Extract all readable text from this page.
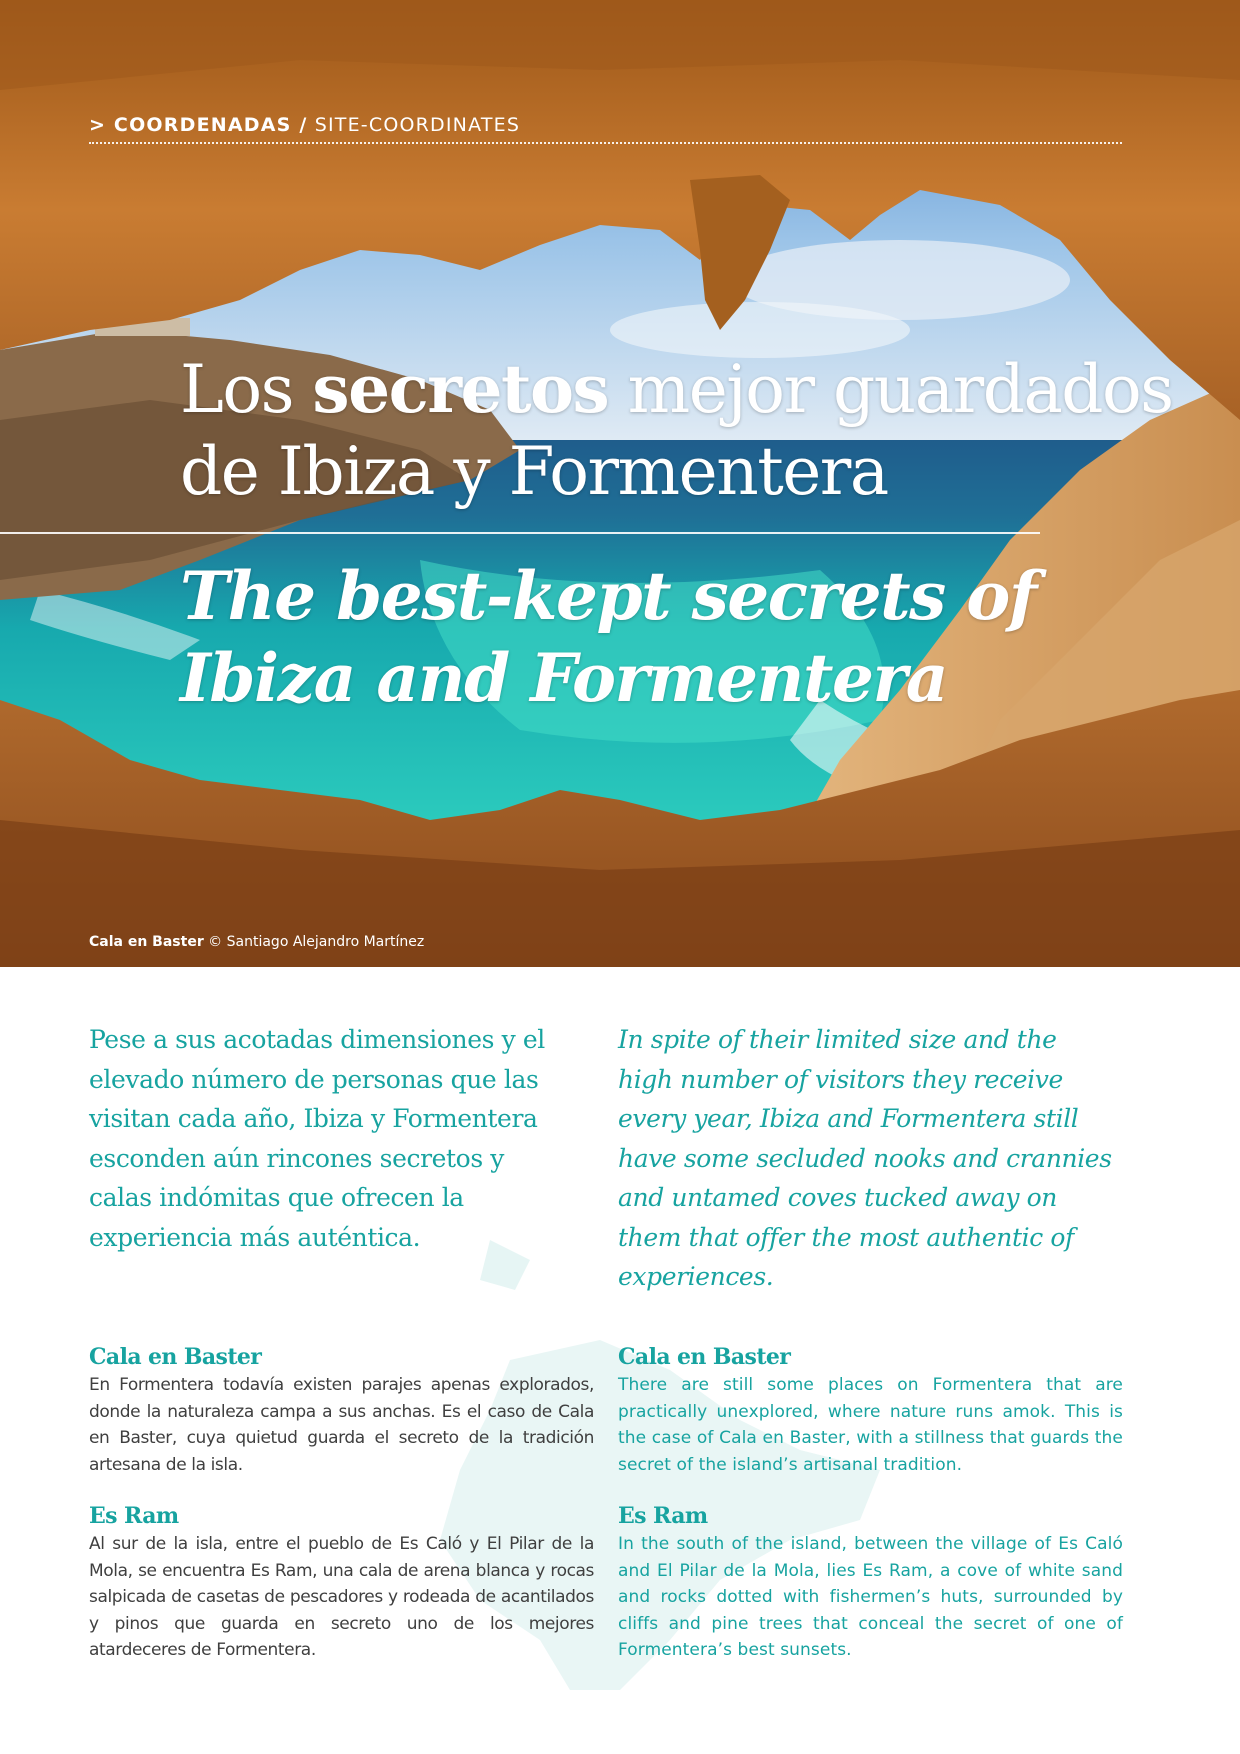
> COORDENADAS / SITE-COORDINATES
Los secretos mejor guardados de Ibiza y Formentera
The best-kept secrets of Ibiza and Formentera
Cala en Baster © Santiago Alejandro Martínez

Pese a sus acotadas dimensiones y el elevado número de personas que las visitan cada año, Ibiza y Formentera esconden aún rincones secretos y calas indómitas que ofrecen la experiencia más auténtica.

In spite of their limited size and the high number of visitors they receive every year, Ibiza and Formentera still have some secluded nooks and crannies and untamed coves tucked away on them that offer the most authentic of experiences.

Cala en Baster

En Formentera todavía existen parajes apenas explorados, donde la naturaleza campa a sus anchas. Es el caso de Cala en Baster, cuya quietud guarda el secreto de la tradición artesana de la isla.

Es Ram

Al sur de la isla, entre el pueblo de Es Caló y El Pilar de la Mola, se encuentra Es Ram, una cala de arena blanca y rocas salpicada de casetas de pescadores y rodeada de acantilados y pinos que guarda en secreto uno de los mejores atardeceres de Formentera.

Cala en Baster

There are still some places on Formentera that are practically unexplored, where nature runs amok. This is the case of Cala en Baster, with a stillness that guards the secret of the island’s artisanal tradition.

Es Ram

In the south of the island, between the village of Es Caló and El Pilar de la Mola, lies Es Ram, a cove of white sand and rocks dotted with fishermen’s huts, surrounded by cliffs and pine trees that conceal the secret of one of Formentera’s best sunsets.
